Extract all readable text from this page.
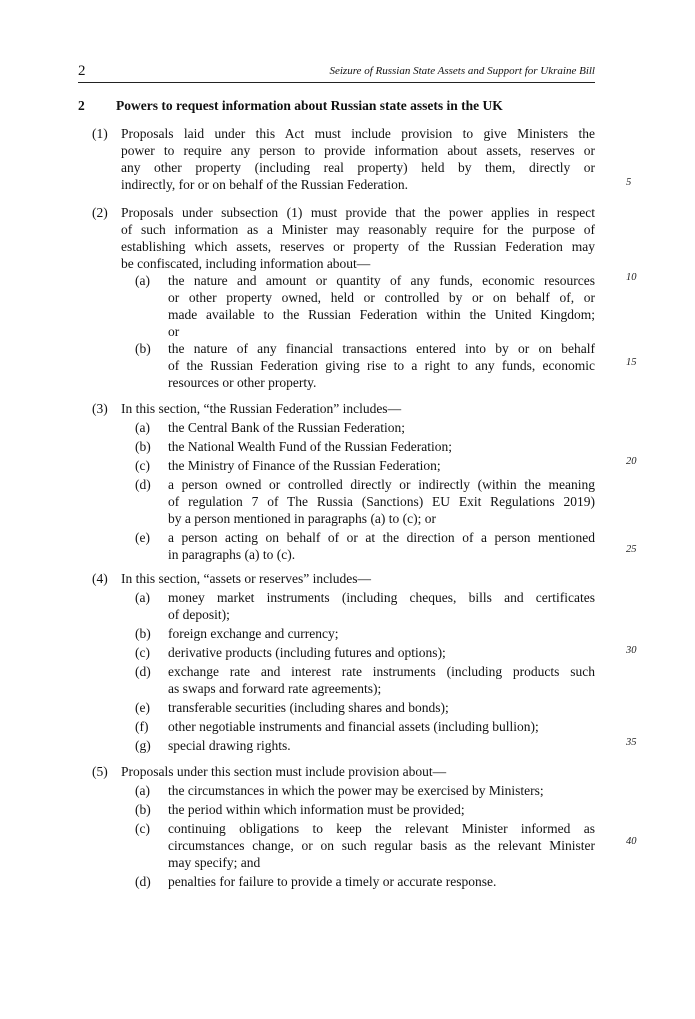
2	Seizure of Russian State Assets and Support for Ukraine Bill
2 Powers to request information about Russian state assets in the UK
(1) Proposals laid under this Act must include provision to give Ministers the
power to require any person to provide information about assets, reserves or
any other property (including real property) held by them, directly or
indirectly, for or on behalf of the Russian Federation.
(2) Proposals under subsection (1) must provide that the power applies in respect
of such information as a Minister may reasonably require for the purpose of
establishing which assets, reserves or property of the Russian Federation may
be confiscated, including information about—
(a) the nature and amount or quantity of any funds, economic resources
or other property owned, held or controlled by or on behalf of, or
made available to the Russian Federation within the United Kingdom;
or
(b) the nature of any financial transactions entered into by or on behalf
of the Russian Federation giving rise to a right to any funds, economic
resources or other property.
(3) In this section, “the Russian Federation” includes—
(a) the Central Bank of the Russian Federation;
(b) the National Wealth Fund of the Russian Federation;
(c) the Ministry of Finance of the Russian Federation;
(d) a person owned or controlled directly or indirectly (within the meaning
of regulation 7 of The Russia (Sanctions) EU Exit Regulations 2019)
by a person mentioned in paragraphs (a) to (c); or
(e) a person acting on behalf of or at the direction of a person mentioned
in paragraphs (a) to (c).
(4) In this section, “assets or reserves” includes—
(a) money market instruments (including cheques, bills and certificates
of deposit);
(b) foreign exchange and currency;
(c) derivative products (including futures and options);
(d) exchange rate and interest rate instruments (including products such
as swaps and forward rate agreements);
(e) transferable securities (including shares and bonds);
(f) other negotiable instruments and financial assets (including bullion);
(g) special drawing rights.
(5) Proposals under this section must include provision about—
(a) the circumstances in which the power may be exercised by Ministers;
(b) the period within which information must be provided;
(c) continuing obligations to keep the relevant Minister informed as
circumstances change, or on such regular basis as the relevant Minister
may specify; and
(d) penalties for failure to provide a timely or accurate response.
5
10
15
20
25
30
35
40
